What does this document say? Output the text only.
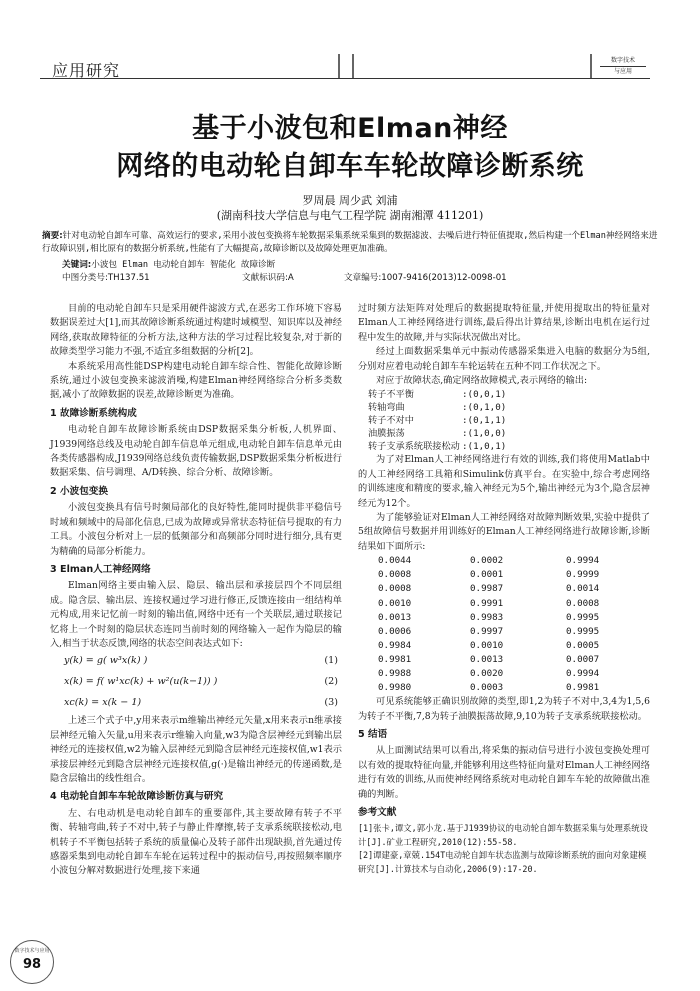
应用研究
数字技术
与应用
基于小波包和Elman神经
网络的电动轮自卸车车轮故障诊断系统
罗周晨 周少武 刘浦
(湖南科技大学信息与电气工程学院 湖南湘潭 411201)
摘要:针对电动轮自卸车可靠、高效运行的要求,采用小波包变换将车轮数据采集系统采集到的数据滤波、去噪后进行特征值提取,然后构建一个Elman神经网络来进行故障识别,相比原有的数据分析系统,性能有了大幅提高,故障诊断以及故障处理更加准确。
关键词:小波包 Elman 电动轮自卸车 智能化 故障诊断
中图分类号:TH137.51	文献标识码:A	文章编号:1007-9416(2013)12-0098-01

目前的电动轮自卸车只是采用硬件滤波方式,在恶劣工作环境下容易数据误差过大[1],而其故障诊断系统通过构建时域模型、知识库以及神经网络,获取故障特征的分析方法,这种方法的学习过程比较复杂,对于新的故障类型学习能力不强,不适宜多组数据的分析[2]。

本系统采用高性能DSP构建电动轮自卸车综合性、智能化故障诊断系统,通过小波包变换来滤波消噪,构建Elman神经网络综合分析多类数据,减小了故障数据的误差,故障诊断更为准确。

1 故障诊断系统构成

电动轮自卸车故障诊断系统由DSP数据采集分析板,人机界面、J1939网络总线及电动轮自卸车信息单元组成,电动轮自卸车信息单元由各类传感器构成,J1939网络总线负责传输数据,DSP数据采集分析板进行数据采集、信号调理、A/D转换、综合分析、故障诊断。

2 小波包变换

小波包变换具有信号时频局部化的良好特性,能同时提供非平稳信号时域和频域中的局部化信息,已成为故障或异常状态特征信号提取的有力工具。小波包分析对上一层的低频部分和高频部分同时进行细分,具有更为精确的局部分析能力。

3 Elman人工神经网络

Elman网络主要由输入层、隐层、输出层和承接层四个不同层组成。隐含层、输出层、连接权通过学习进行修正,反馈连接由一组结构单元构成,用来记忆前一时刻的输出值,网络中还有一个关联层,通过联接记忆将上一个时刻的隐层状态连同当前时刻的网络输入一起作为隐层的输入,相当于状态反馈,网络的状态空间表达式如下:

y(k) = g( w³x(k) )	(1)
x(k) = f( w¹xc(k) + w²(u(k−1)) )	(2)
xc(k) = x(k − 1)	(3)

上述三个式子中,y用来表示m维输出神经元矢量,x用来表示n维承接层神经元输入矢量,u用来表示r维输入向量,w3为隐含层神经元到输出层神经元的连接权值,w2为输入层神经元到隐含层神经元连接权值,w1表示承接层神经元到隐含层神经元连接权值,g(·)是输出神经元的传递函数,是隐含层输出的线性组合。

4 电动轮自卸车车轮故障诊断仿真与研究

左、右电动机是电动轮自卸车的重要部件,其主要故障有转子不平衡、转轴弯曲,转子不对中,转子与静止件摩擦,转子支承系统联接松动,电机转子不平衡包括转子系统的质量偏心及转子部件出现缺损,首先通过传感器采集到电动轮自卸车车轮在运转过程中的振动信号,再按照频率顺序小波包分解对数据进行处理,接下来通

过时频方法矩阵对处理后的数据提取特征量,并使用提取出的特征量对Elman人工神经网络进行训练,最后得出计算结果,诊断出电机在运行过程中发生的故障,并与实际状况做出对比。

经过上面数据采集单元中振动传感器采集进入电脑的数据分为5组,分别对应着电动轮自卸车车轮运转在五种不同工作状况之下。

对应于故障状态,确定网络故障模式,表示网络的输出:

转子不平衡	:(0,0,1)
转轴弯曲	:(0,1,0)
转子不对中	:(0,1,1)
油膜振荡	:(1,0,0)
转子支承系统联接松动 :(1,0,1)

为了对Elman人工神经网络进行有效的训练,我们将使用Matlab中的人工神经网络工具箱和Simulink仿真平台。在实验中,综合考虑网络的训练速度和精度的要求,输入神经元为5个,输出神经元为3个,隐含层神经元为12个。

为了能够验证对Elman人工神经网络对故障判断效果,实验中提供了5组故障信号数据并用训练好的Elman人工神经网络进行故障诊断,诊断结果如下面所示:

0.0044	0.0002	0.9994
0.0008	0.0001	0.9999
0.0008	0.9987	0.0014
0.0010	0.9991	0.0008
0.0013	0.9983	0.9995
0.0006	0.9997	0.9995
0.9984	0.0010	0.0005
0.9981	0.0013	0.0007
0.9988	0.0020	0.9994
0.9980	0.0003	0.9981

可见系统能够正确识别故障的类型,即1,2为转子不对中,3,4为1,5,6为转子不平衡,7,8为转子油膜振荡故障,9,10为转子支承系统联接松动。

5 结语

从上面测试结果可以看出,将采集的振动信号进行小波包变换处理可以有效的提取特征向量,并能够利用这些特征向量对Elman人工神经网络进行有效的训练,从而使神经网络系统对电动轮自卸车车轮的故障做出准确的判断。

参考文献
[1]张卡,谭文,郭小龙.基于J1939协议的电动轮自卸车数据采集与处理系统设计[J].矿业工程研究,2010(12):55-58.
[2]谭建豪,章兢.154T电动轮自卸车状态监测与故障诊断系统的面向对象建模研究[J].计算技术与自动化,2006(9):17-20.
数字技术与应用
98
